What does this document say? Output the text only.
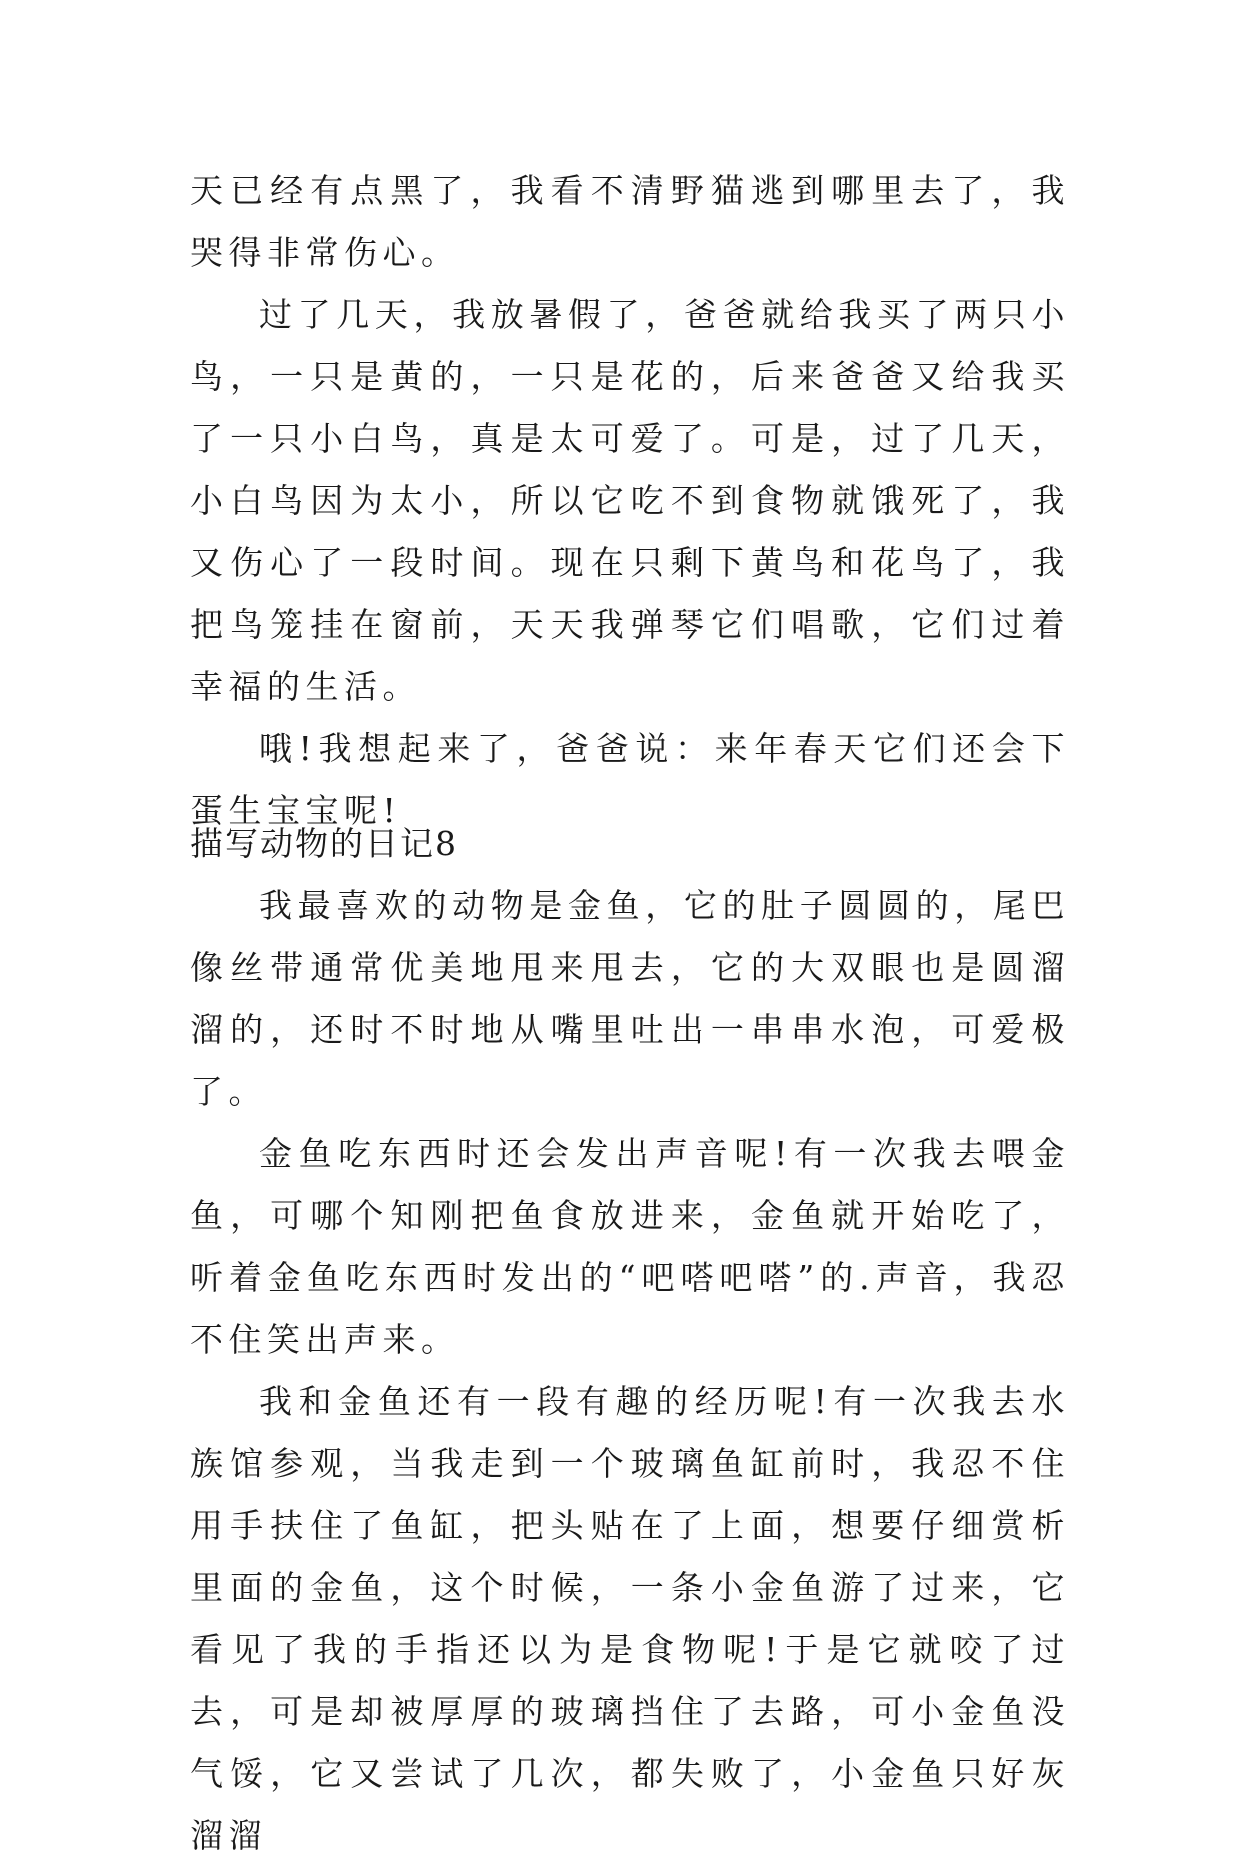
天已经有点黑了，我看不清野猫逃到哪里去了，我哭得非常伤心。

过了几天，我放暑假了，爸爸就给我买了两只小鸟，一只是黄的，一只是花的，后来爸爸又给我买了一只小白鸟，真是太可爱了。可是，过了几天，小白鸟因为太小，所以它吃不到食物就饿死了，我又伤心了一段时间。现在只剩下黄鸟和花鸟了，我把鸟笼挂在窗前，天天我弹琴它们唱歌，它们过着幸福的生活。

哦!我想起来了，爸爸说：来年春天它们还会下蛋生宝宝呢!

描写动物的日记8

我最喜欢的动物是金鱼，它的肚子圆圆的，尾巴像丝带通常优美地甩来甩去，它的大双眼也是圆溜溜的，还时不时地从嘴里吐出一串串水泡，可爱极了。

金鱼吃东西时还会发出声音呢!有一次我去喂金鱼，可哪个知刚把鱼食放进来，金鱼就开始吃了，听着金鱼吃东西时发出的“吧嗒吧嗒”的.声音，我忍不住笑出声来。

我和金鱼还有一段有趣的经历呢!有一次我去水族馆参观，当我走到一个玻璃鱼缸前时，我忍不住用手扶住了鱼缸，把头贴在了上面，想要仔细赏析里面的金鱼，这个时候，一条小金鱼游了过来，它看见了我的手指还以为是食物呢!于是它就咬了过去，可是却被厚厚的玻璃挡住了去路，可小金鱼没气馁，它又尝试了几次，都失败了，小金鱼只好灰溜溜
